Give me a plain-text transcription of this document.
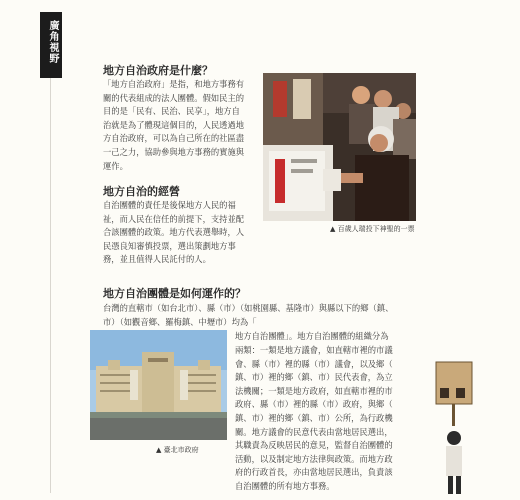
廣角視野
地方自治政府是什麼？

「地方自治政府」是指，和地方事務有
關的代表組成的法人團體。假如民主的
目的是「民有、民治、民享」，地方自
治就是為了體現這個目的，人民透過地
方自治政府，可以為自己所在的社區盡
一己之力，協助參與地方事務的實施與
運作。

▲ 百歲人瑞投下神聖的一票
地方自治的經營

自治團體的責任是後保地方人民的福
祉，而人民在信任的前提下，支持並配
合該團體的政策。地方代表選舉時，人
民憑良知審慎投票，選出策劃地方事
務，並且值得人民託付的人。

地方自治團體是如何運作的？

台灣的直轄市（如台北市）、縣（市）（如桃園縣、基隆市）與縣以下的鄉（鎮、
市）（如觀音鄉、羅梅鎮、中壢市）均為「

地方自治團體」。地方自治團體的組織分為

兩類：一類是地方議會，如直轄市裡的市議
會、縣（市）裡的縣（市）議會，以及鄉（
鎮、市）裡的鄉（鎮、市）民代表會，為立
法機關；一類是地方政府，如直轄市裡的市
政府、縣（市）裡的縣（市）政府，與鄉（
鎮、市）裡的鄉（鎮、市）公所，為行政機
關。地方議會的民意代表由當地居民選出，
其職責為反映居民的意見，監督自治團體的
活動，以及制定地方法律與政策。而地方政
府的行政首長，亦由當地居民選出，負責該
自治團體的所有地方事務。

▲ 臺北市政府
